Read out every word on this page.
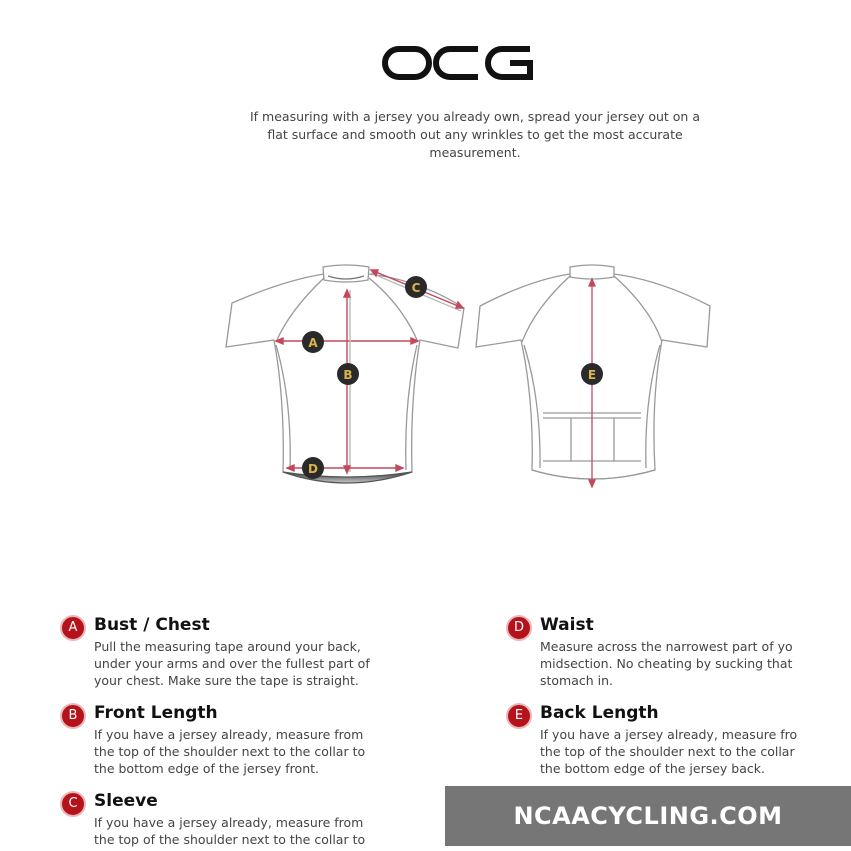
If measuring with a jersey you already own, spread your jersey out on a flat surface and smooth out any wrinkles to get the most accurate measurement.
A
B
C
D
E
A Bust / Chest
Pull the measuring tape around your back,
under your arms and over the fullest part of
your chest. Make sure the tape is straight.
B Front Length
If you have a jersey already, measure from
the top of the shoulder next to the collar to
the bottom edge of the jersey front.
C Sleeve
If you have a jersey already, measure from
the top of the shoulder next to the collar to
D Waist
Measure across the narrowest part of yo
midsection. No cheating by sucking that
stomach in.
E Back Length
If you have a jersey already, measure fro
the top of the shoulder next to the collar
the bottom edge of the jersey back.
NCAACYCLING.COM
